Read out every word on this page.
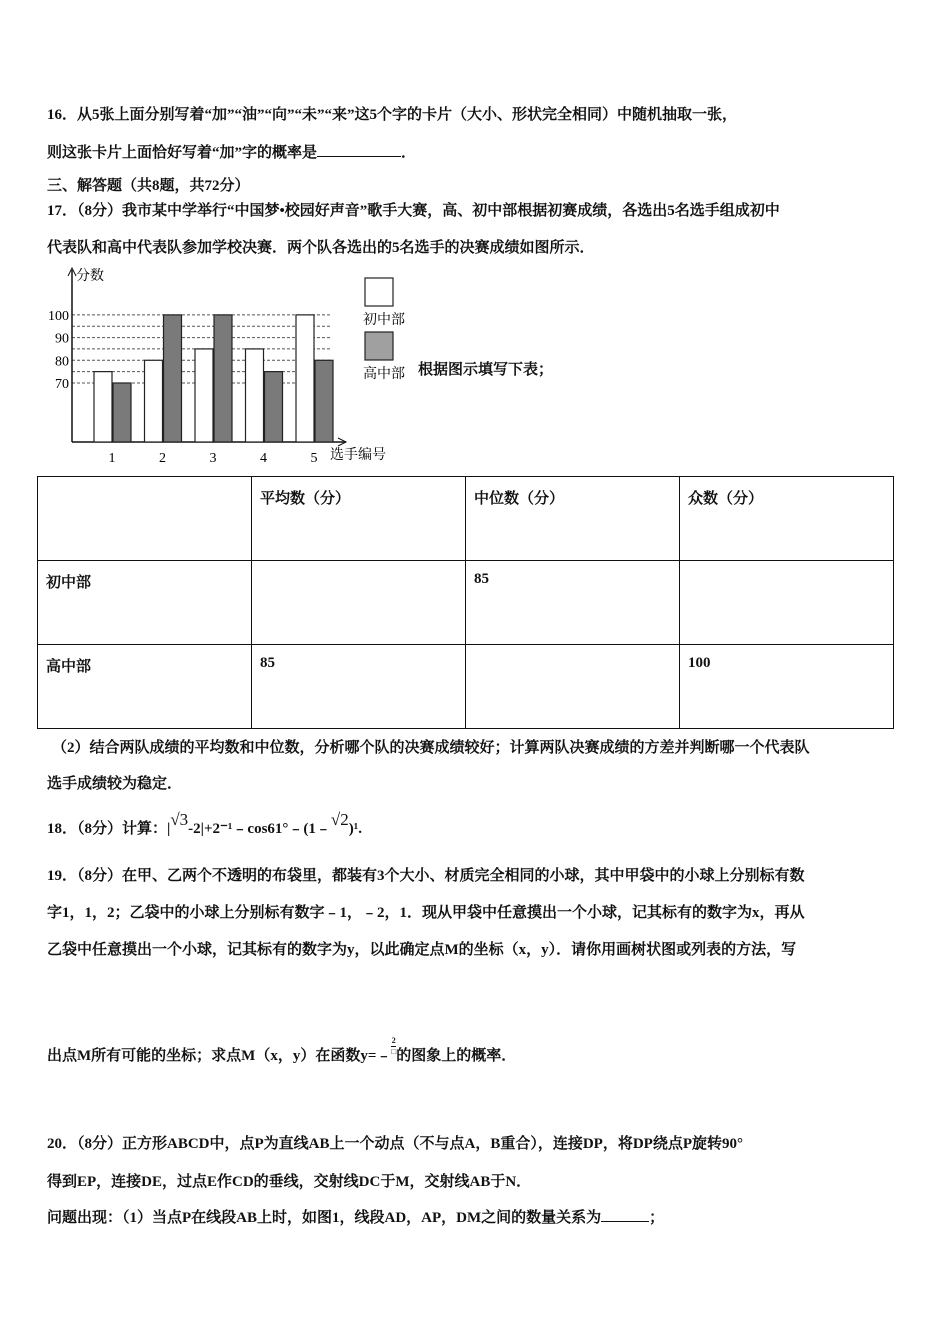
16．从5张上面分别写着“加”“油”“向”“未”“来”这5个字的卡片（大小、形状完全相同）中随机抽取一张，
则这张卡片上面恰好写着“加”字的概率是	．
三、解答题（共8题，共72分）
17．（8分）我市某中学举行“中国梦•校园好声音”歌手大赛，高、初中部根据初赛成绩，各选出5名选手组成初中
代表队和高中代表队参加学校决赛．两个队各选出的5名选手的决赛成绩如图所示．
分数
选手编号
70
80
90
100
1	2	3	4	5
初中部
高中部 根据图示填写下表；
	平均数（分）	中位数（分）	众数（分）
初中部		85	
高中部	85		100
（2）结合两队成绩的平均数和中位数，分析哪个队的决赛成绩较好；计算两队决赛成绩的方差并判断哪一个代表队
选手成绩较为稳定．
18．（8分）计算：|√3-2|+2⁻¹﹣cos61°﹣(1﹣√2)¹.
19．（8分）在甲、乙两个不透明的布袋里，都装有3个大小、材质完全相同的小球，其中甲袋中的小球上分别标有数
字1，1，2；乙袋中的小球上分别标有数字﹣1，﹣2，1．现从甲袋中任意摸出一个小球，记其标有的数字为x，再从
乙袋中任意摸出一个小球，记其标有的数字为y，以此确定点M的坐标（x，y）．请你用画树状图或列表的方法，写
出点M所有可能的坐标；求点M（x，y）在函数y=﹣ $\frac{2}{□}$ 的图象上的概率．
20．（8分）正方形ABCD中，点P为直线AB上一个动点（不与点A，B重合），连接DP，将DP绕点P旋转90°
得到EP，连接DE，过点E作CD的垂线，交射线DC于M，交射线AB于N．
问题出现：（1）当点P在线段AB上时，如图1，线段AD，AP，DM之间的数量关系为	；
